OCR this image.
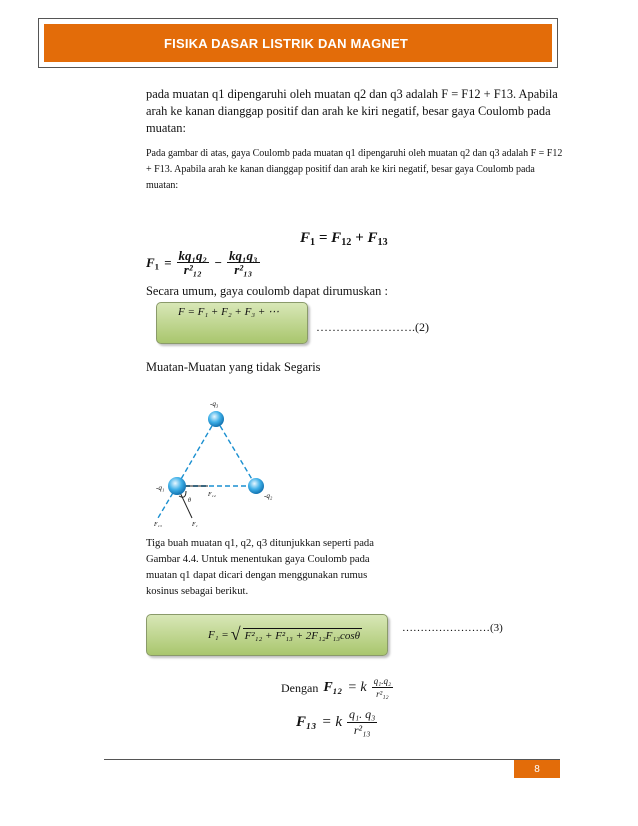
FISIKA DASAR LISTRIK DAN MAGNET
pada muatan q1 dipengaruhi oleh muatan q2 dan q3 adalah F = F12 + F13. Apabila arah ke kanan dianggap positif dan arah ke kiri negatif, besar gaya Coulomb pada muatan:
Pada gambar di atas, gaya Coulomb pada muatan q1 dipengaruhi oleh muatan q2 dan q3 adalah F = F12 + F13. Apabila arah ke kanan dianggap positif dan arah ke kiri negatif, besar gaya Coulomb pada muatan:
$F_1 = F_{12} + F_{13}$
$F_1 = \frac{\text{kq₁q₂}}{\text{r²₁₂}} - \frac{\text{kq₁q₃}}{\text{r²₁₃}}$
Secara umum, gaya coulomb dapat dirumuskan :
F = F₁ + F₂ + F₃ + ⋯
…………………….(2)
Muatan-Muatan yang tidak Segaris
-q₃
-q₁
-q₂
F₁₂
F₁₃	F₁
θ
Tiga buah muatan q1, q2, q3 ditunjukkan seperti pada Gambar 4.4. Untuk menentukan gaya Coulomb pada muatan q1 dapat dicari dengan menggunakan rumus kosinus sebagai berikut.
F₁ = √ F²₁₂ + F²₁₃ + 2F₁₂F₁₃cosθ
……………………(3)
Dengan F₁₂ = k $\frac{\text{q₁.q₂}}{\text{r²₁₂}}$
F₁₃ = k $\frac{\text{q₁. q₃}}{\text{r²₁₃}}$
8
